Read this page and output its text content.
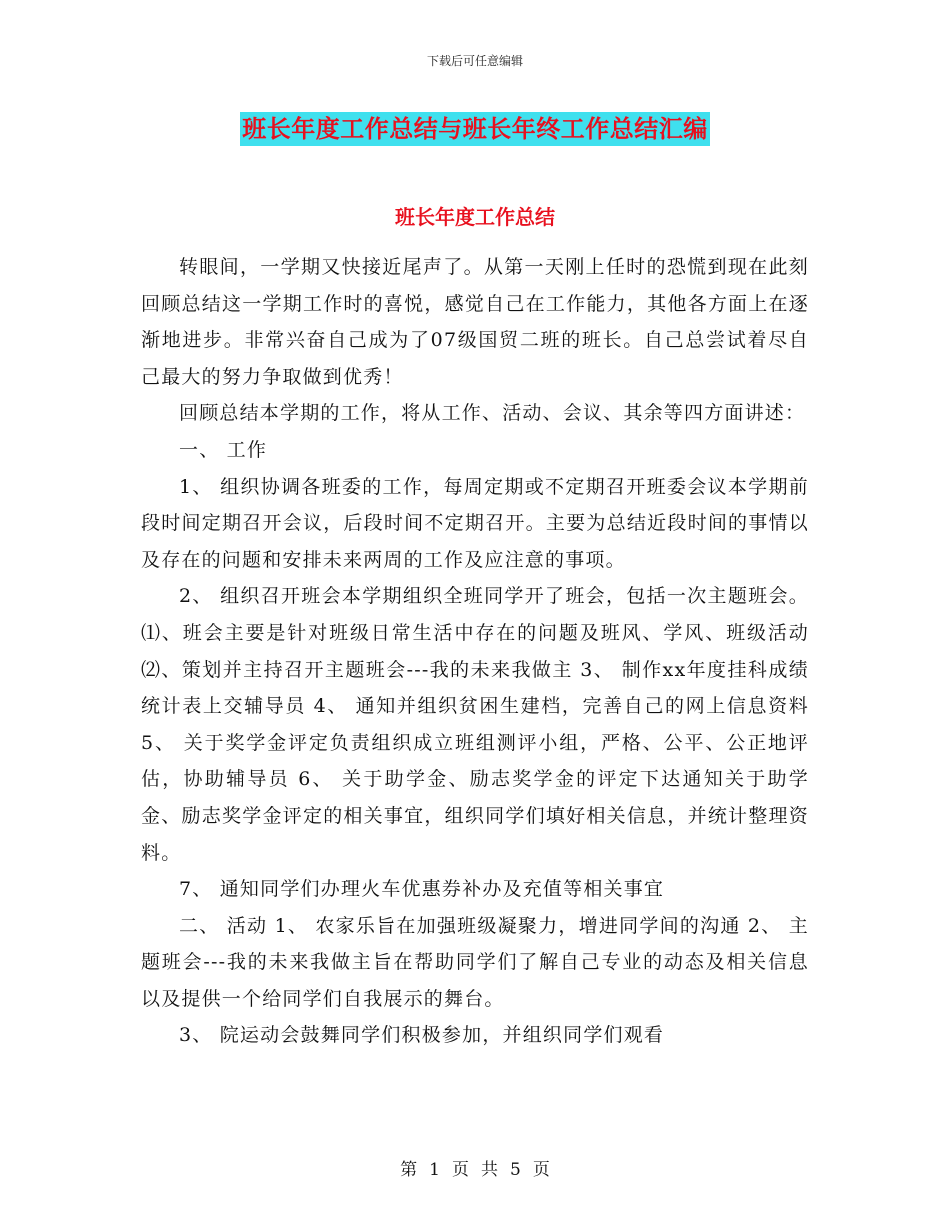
下载后可任意编辑
班长年度工作总结与班长年终工作总结汇编
班长年度工作总结

转眼间，一学期又快接近尾声了。从第一天刚上任时的恐慌到现在此刻回顾总结这一学期工作时的喜悦，感觉自己在工作能力，其他各方面上在逐渐地进步。非常兴奋自己成为了07级国贸二班的班长。自己总尝试着尽自己最大的努力争取做到优秀！

回顾总结本学期的工作，将从工作、活动、会议、其余等四方面讲述：

一、 工作

1、 组织协调各班委的工作，每周定期或不定期召开班委会议本学期前段时间定期召开会议，后段时间不定期召开。主要为总结近段时间的事情以及存在的问题和安排未来两周的工作及应注意的事项。

2、 组织召开班会本学期组织全班同学开了班会，包括一次主题班会。⑴、班会主要是针对班级日常生活中存在的问题及班风、学风、班级活动⑵、策划并主持召开主题班会---我的未来我做主 3、 制作xx年度挂科成绩统计表上交辅导员 4、 通知并组织贫困生建档，完善自己的网上信息资料 5、 关于奖学金评定负责组织成立班组测评小组，严格、公平、公正地评估，协助辅导员 6、 关于助学金、励志奖学金的评定下达通知关于助学金、励志奖学金评定的相关事宜，组织同学们填好相关信息，并统计整理资料。

7、 通知同学们办理火车优惠券补办及充值等相关事宜

二、 活动 1、 农家乐旨在加强班级凝聚力，增进同学间的沟通 2、 主题班会---我的未来我做主旨在帮助同学们了解自己专业的动态及相关信息以及提供一个给同学们自我展示的舞台。

3、 院运动会鼓舞同学们积极参加，并组织同学们观看

第 1 页 共 5 页
